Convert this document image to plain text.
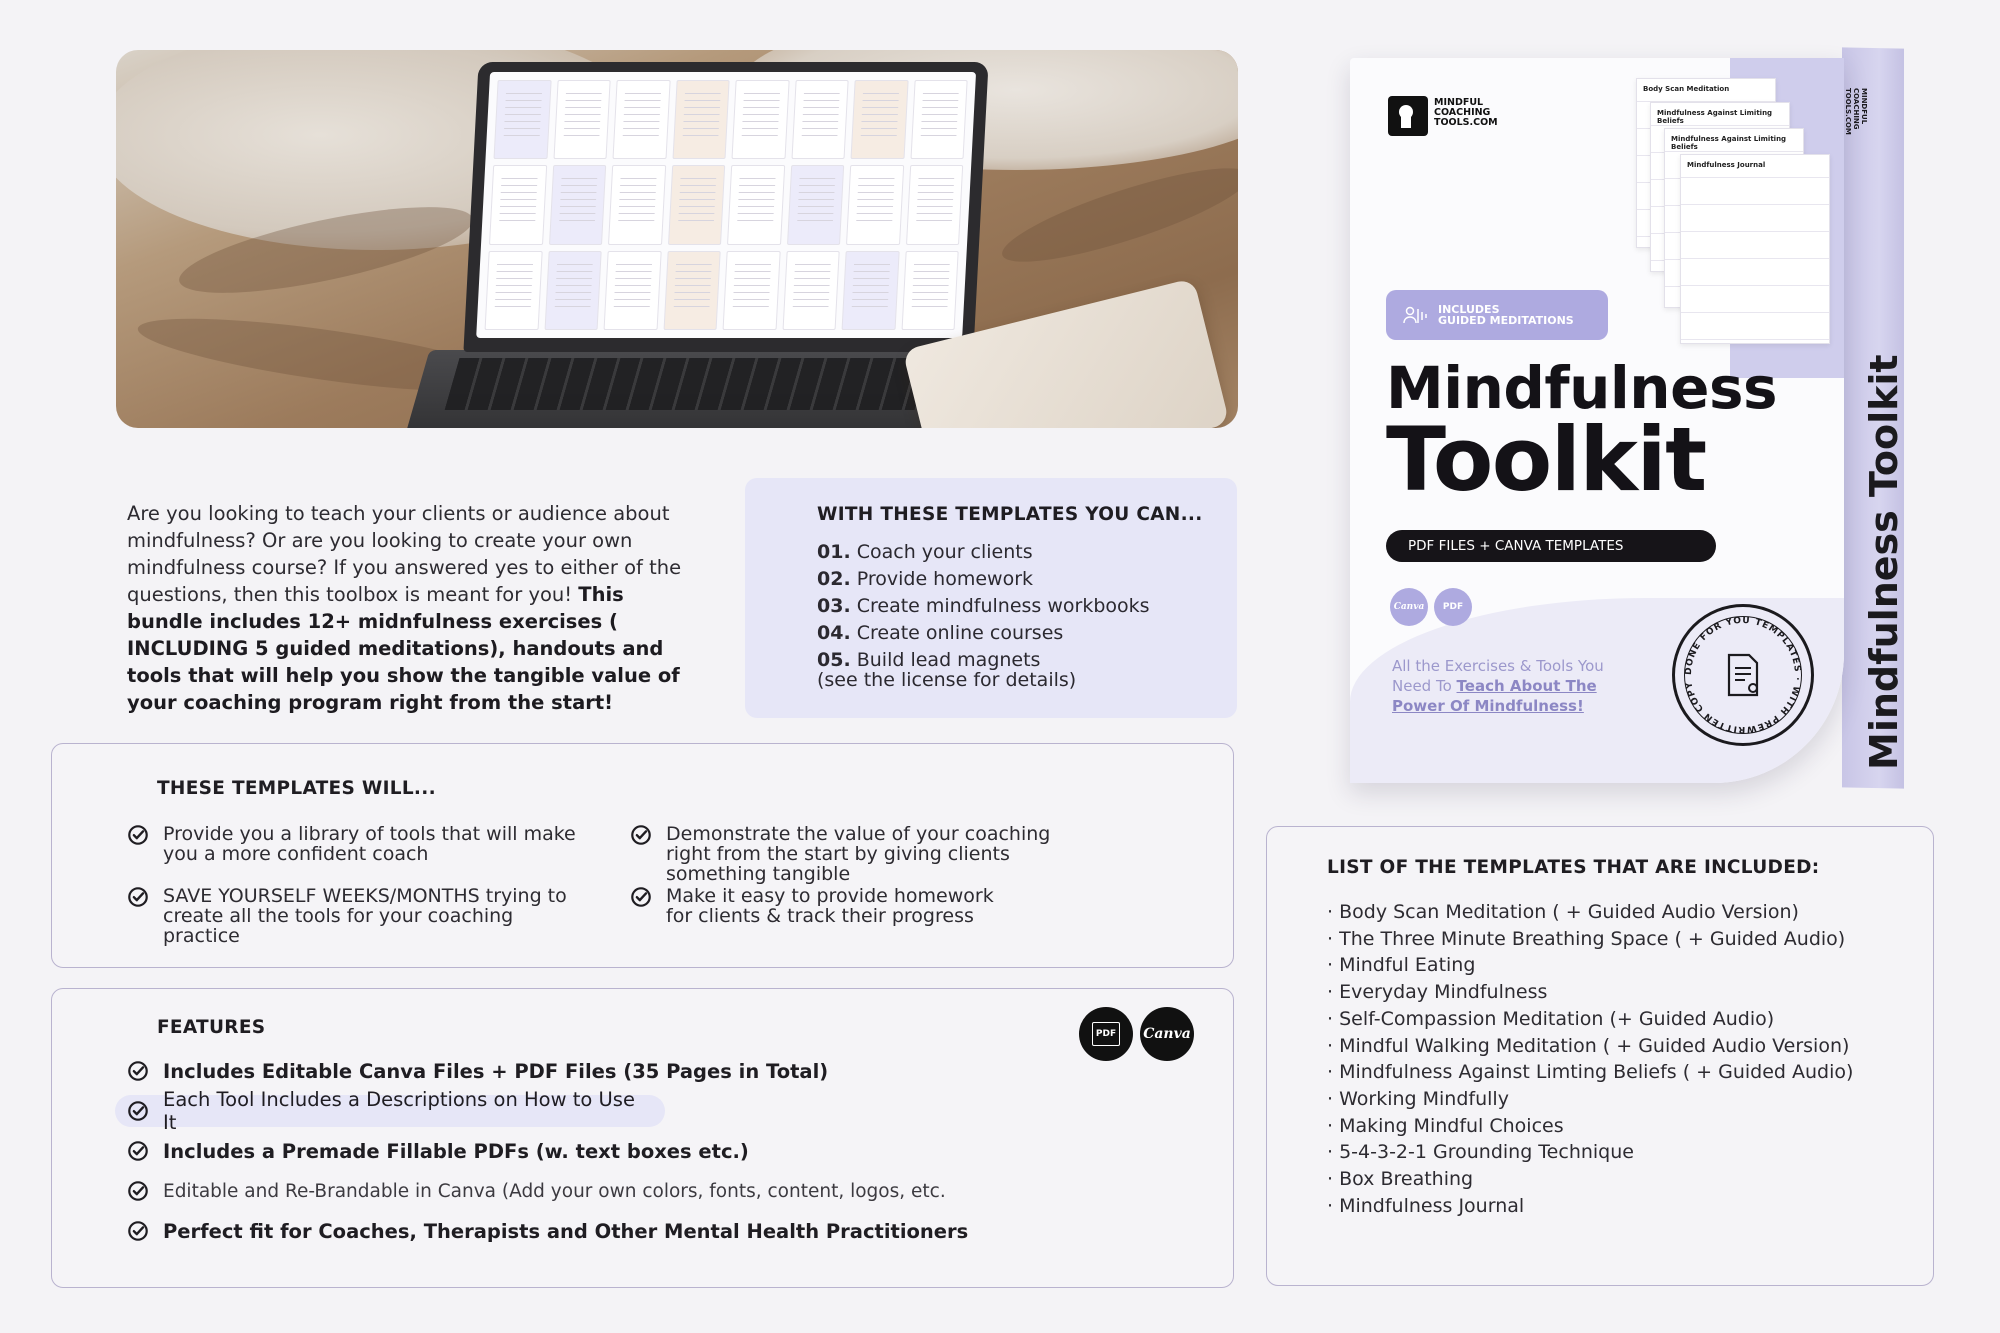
Are you looking to teach your clients or audience about mindfulness? Or are you looking to create your own mindfulness course? If you answered yes to either of the questions, then this toolbox is meant for you! This bundle includes 12+ midnfulness exercises ( INCLUDING 5 guided meditations), handouts and tools that will help you show the tangible value of your coaching program right from the start!
WITH THESE TEMPLATES YOU CAN...
01. Coach your clients
02. Provide homework
03. Create mindfulness workbooks
04. Create online courses
05. Build lead magnets
(see the license for details)
THESE TEMPLATES WILL...
Provide you a library of tools that will make you a more confident coach
Demonstrate the value of your coaching right from the start by giving clients something tangible
SAVE YOURSELF WEEKS/MONTHS trying to create all the tools for your coaching practice
Make it easy to provide homework for clients & track their progress
FEATURES	PDF Canva
Includes Editable Canva Files + PDF Files (35 Pages in Total)
Each Tool Includes a Descriptions on How to Use It
Includes a Premade Fillable PDFs (w. text boxes etc.)
Editable and Re-Brandable in Canva (Add your own colors, fonts, content, logos, etc.
Perfect fit for Coaches, Therapists and Other Mental Health Practitioners
LIST OF THE TEMPLATES THAT ARE INCLUDED:
· Body Scan Meditation ( + Guided Audio Version)
· The Three Minute Breathing Space ( + Guided Audio)
· Mindful Eating
· Everyday Mindfulness
· Self-Compassion Meditation (+ Guided Audio)
· Mindful Walking Meditation ( + Guided Audio Version)
· Mindfulness Against Limting Beliefs ( + Guided Audio)
· Working Mindfully
· Making Mindful Choices
· 5-4-3-2-1 Grounding Technique
· Box Breathing
· Mindfulness Journal
MINDFUL
COACHING
TOOLS.COM
Mindfulness Toolkit
MINDFUL
COACHING
TOOLS.COM
Body Scan Meditation
Mindfulness Against Limiting Beliefs
Mindfulness Against Limiting Beliefs
Mindfulness Journal
INCLUDES
GUIDED MEDITATIONS
Mindfulness
Toolkit
PDF FILES + CANVA TEMPLATES
Canva PDF
All the Exercises & Tools You Need To Teach About The Power Of Mindfulness!
DONE FOR YOU TEMPLATES · WITH PREWRITTEN COPY
